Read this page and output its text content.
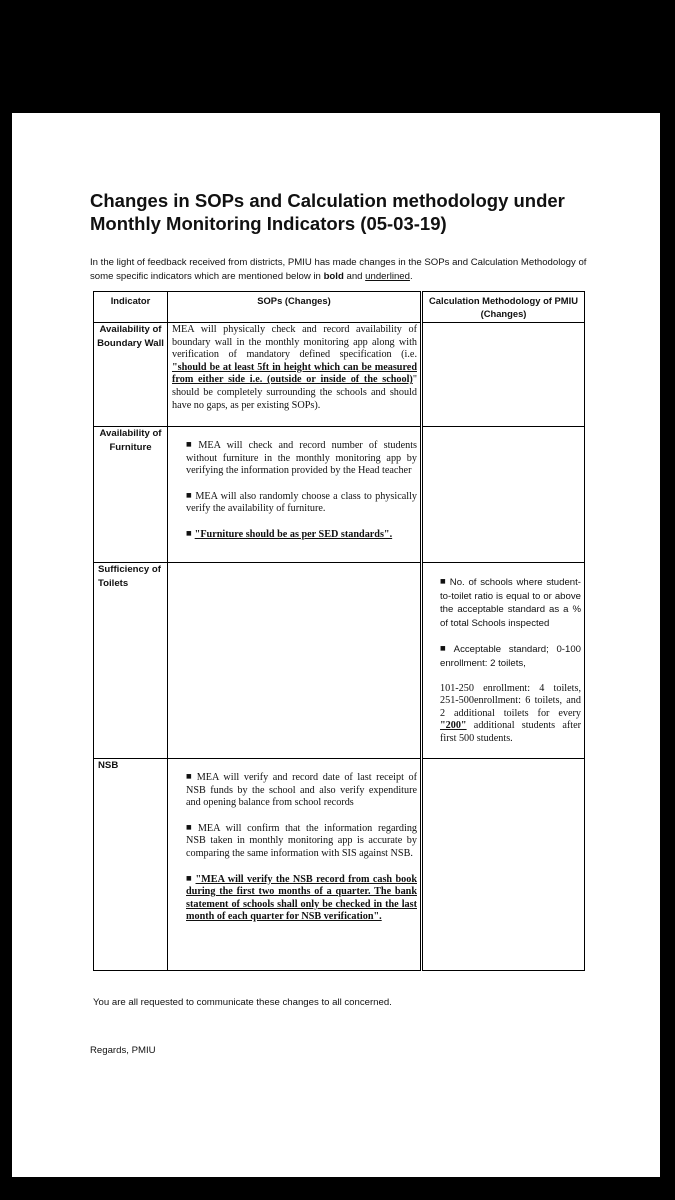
Changes in SOPs and Calculation methodology under Monthly Monitoring Indicators (05-03-19)
In the light of feedback received from districts, PMIU has made changes in the SOPs and Calculation Methodology of some specific indicators which are mentioned below in bold and underlined.
Indicator	SOPs (Changes)	Calculation Methodology of PMIU (Changes)
Availability of Boundary Wall	MEA will physically check and record availability of boundary wall in the monthly monitoring app along with verification of mandatory defined specification (i.e. "should be at least 5ft in height which can be measured from either side i.e. (outside or inside of the school)" should be completely surrounding the schools and should have no gaps, as per existing SOPs).	
Availability of Furniture	■ MEA will check and record number of students without furniture in the monthly monitoring app by verifying the information provided by the Head teacher

■ MEA will also randomly choose a class to physically verify the availability of furniture.

■ "Furniture should be as per SED standards".	

Sufficiency of Toilets		■ No. of schools where student-to-toilet ratio is equal to or above the acceptable standard as a % of total Schools inspected

■ Acceptable standard; 0-100 enrollment: 2 toilets,

101-250 enrollment: 4 toilets, 251-500enrollment: 6 toilets, and 2 additional toilets for every "200" additional students after first 500 students.

NSB	■ MEA will verify and record date of last receipt of NSB funds by the school and also verify expenditure and opening balance from school records

■ MEA will confirm that the information regarding NSB taken in monthly monitoring app is accurate by comparing the same information with SIS against NSB.

■ "MEA will verify the NSB record from cash book during the first two months of a quarter. The bank statement of schools shall only be checked in the last month of each quarter for NSB verification".	

You are all requested to communicate these changes to all concerned.
Regards, PMIU
